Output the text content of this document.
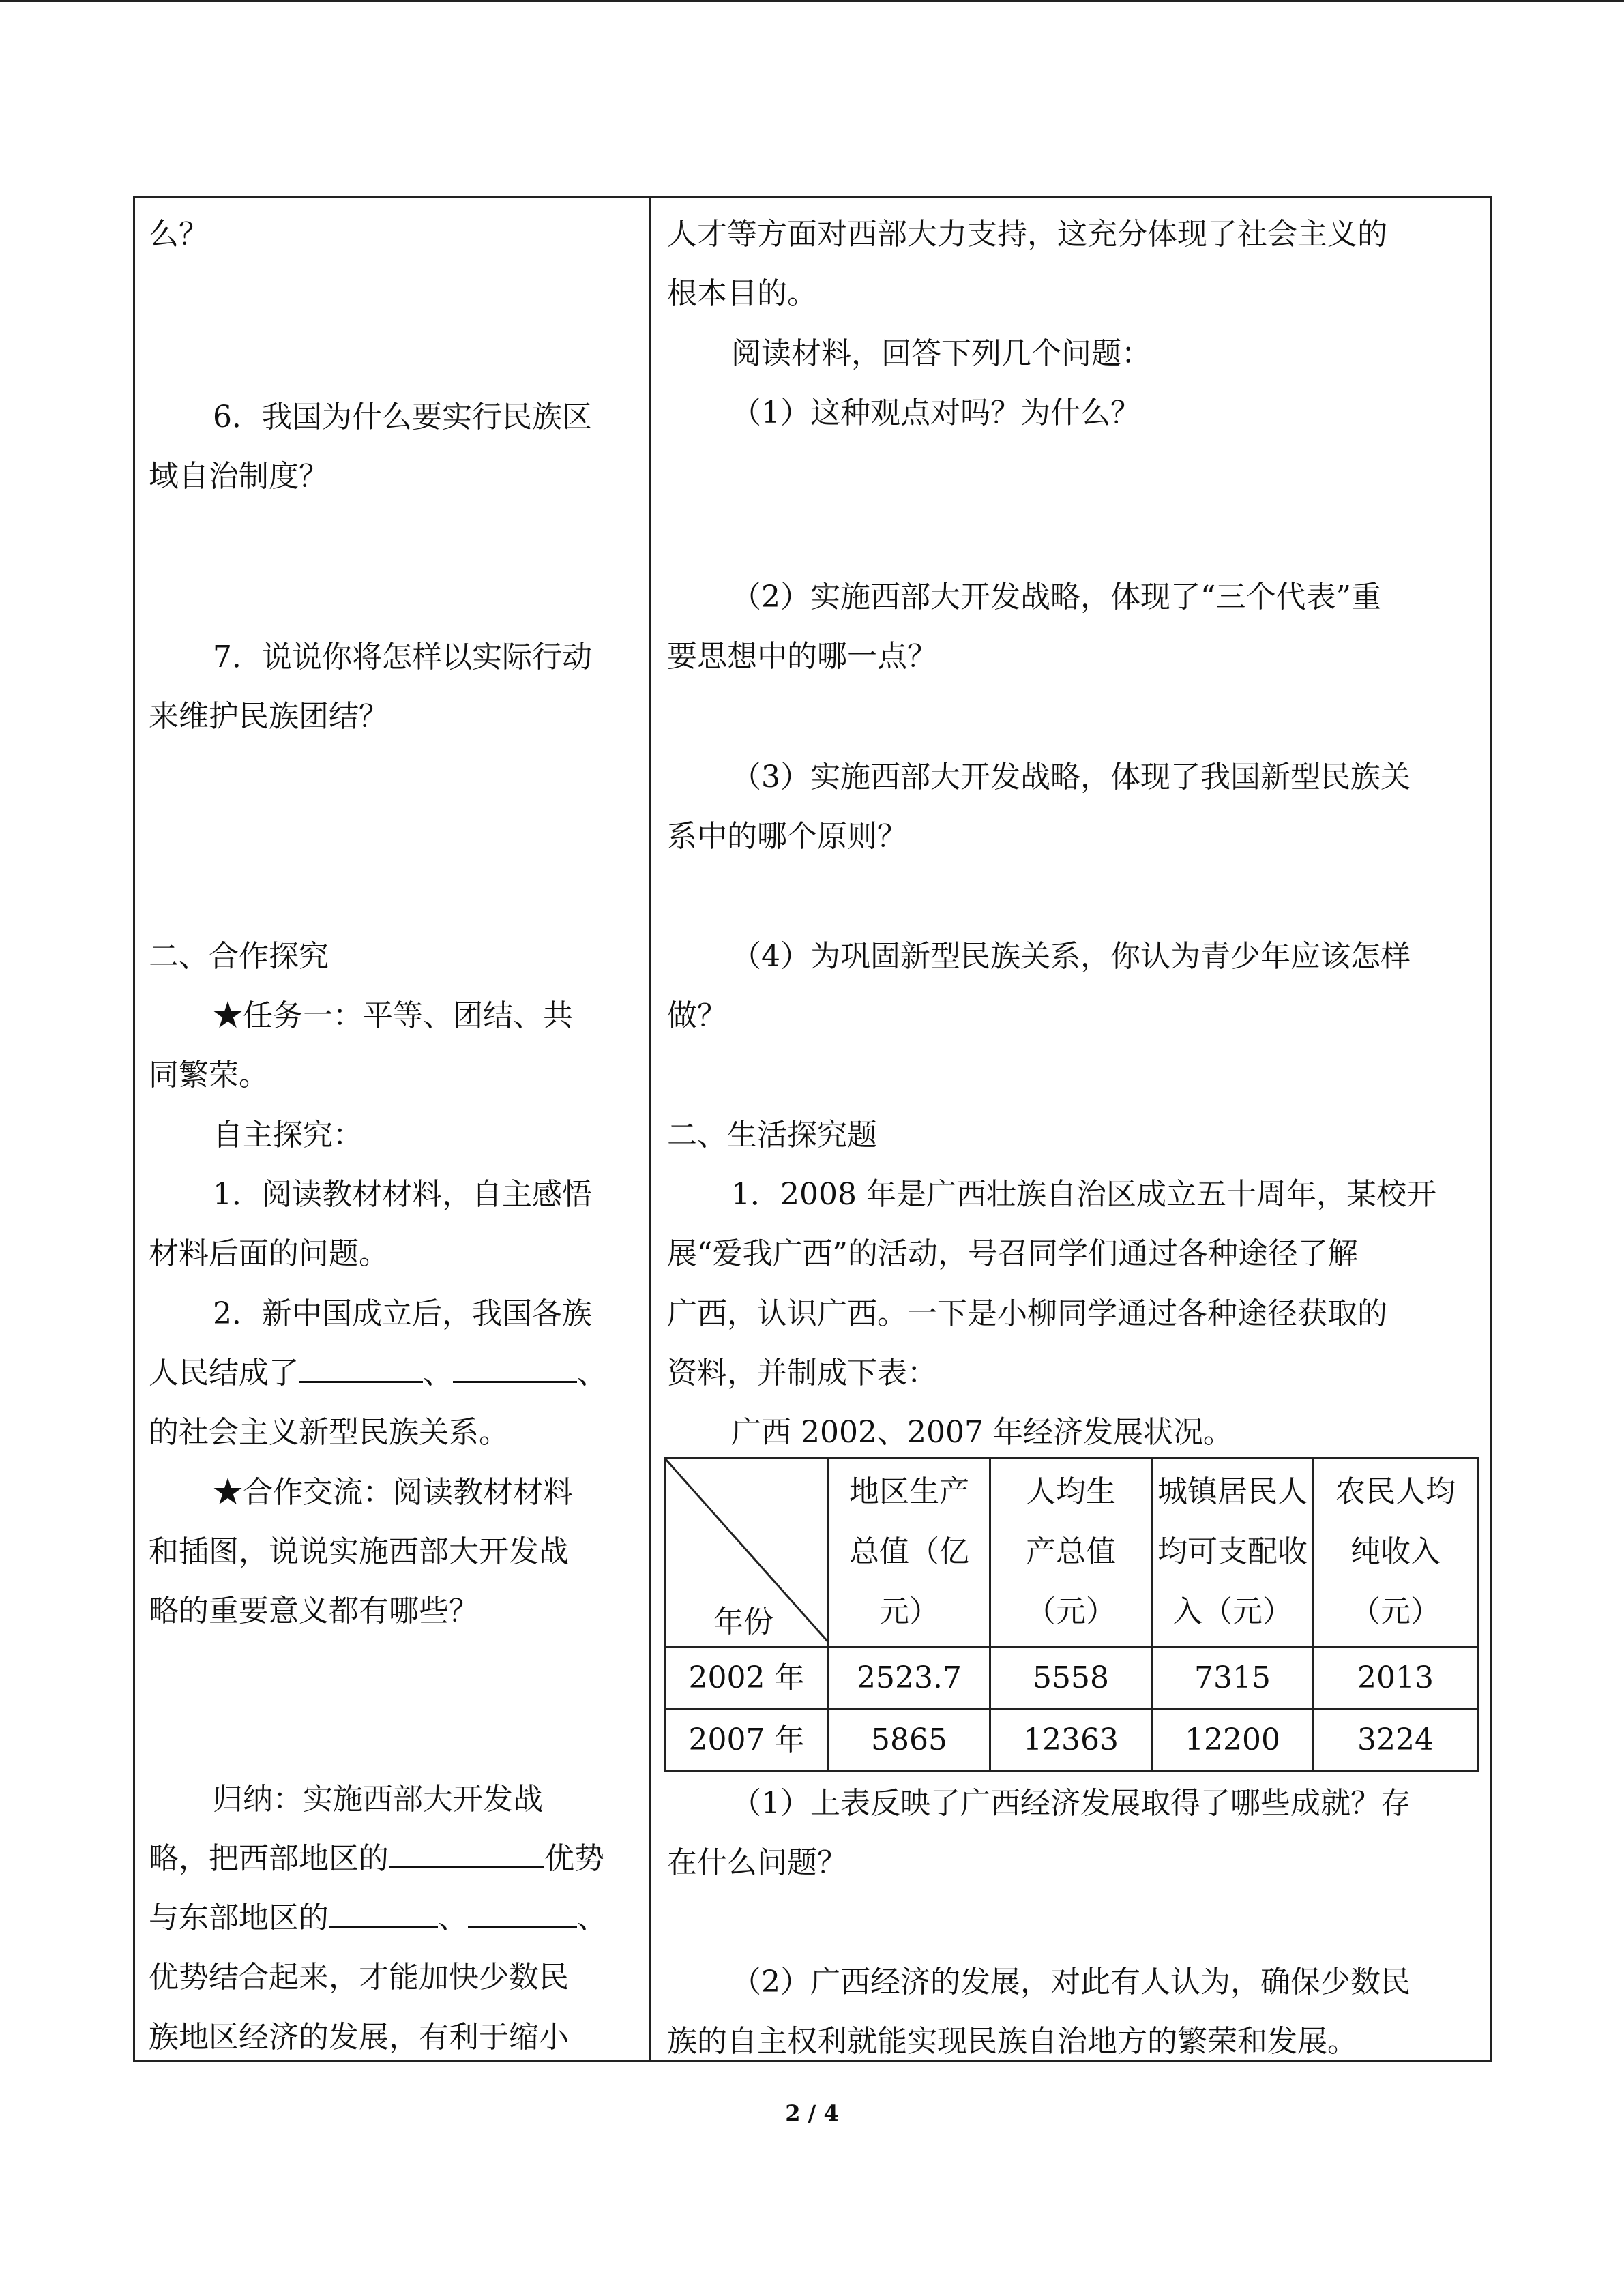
么？
6．我国为什么要实行民族区
域自治制度？
7．说说你将怎样以实际行动
来维护民族团结？
二、合作探究
★任务一：平等、团结、共
同繁荣。
自主探究：
1．阅读教材材料，自主感悟
材料后面的问题。
2．新中国成立后，我国各族
人民结成了	、	、
的社会主义新型民族关系。
★合作交流：阅读教材材料
和插图，说说实施西部大开发战
略的重要意义都有哪些？
归纳：实施西部大开发战
略，把西部地区的	优势
与东部地区的	、	、
优势结合起来，才能加快少数民
族地区经济的发展，有利于缩小
人才等方面对西部大力支持，这充分体现了社会主义的
根本目的。
阅读材料，回答下列几个问题：
（1）这种观点对吗？为什么？
（2）实施西部大开发战略，体现了“三个代表”重
要思想中的哪一点？
（3）实施西部大开发战略，体现了我国新型民族关
系中的哪个原则？
（4）为巩固新型民族关系，你认为青少年应该怎样
做？
二、生活探究题
1．2008 年是广西壮族自治区成立五十周年，某校开
展“爱我广西”的活动，号召同学们通过各种途径了解
广西，认识广西。一下是小柳同学通过各种途径获取的
资料，并制成下表：
广西 2002、2007 年经济发展状况。
年份	地区生产
总值（亿
元）	人均生
产总值
（元）	城镇居民人
均可支配收
入（元）	农民人均
纯收入
（元）
2002 年	2523.7	5558	7315	2013
2007 年	5865	12363	12200	3224
（1）上表反映了广西经济发展取得了哪些成就？存
在什么问题？
（2）广西经济的发展，对此有人认为，确保少数民
族的自主权利就能实现民族自治地方的繁荣和发展。
2 / 4
